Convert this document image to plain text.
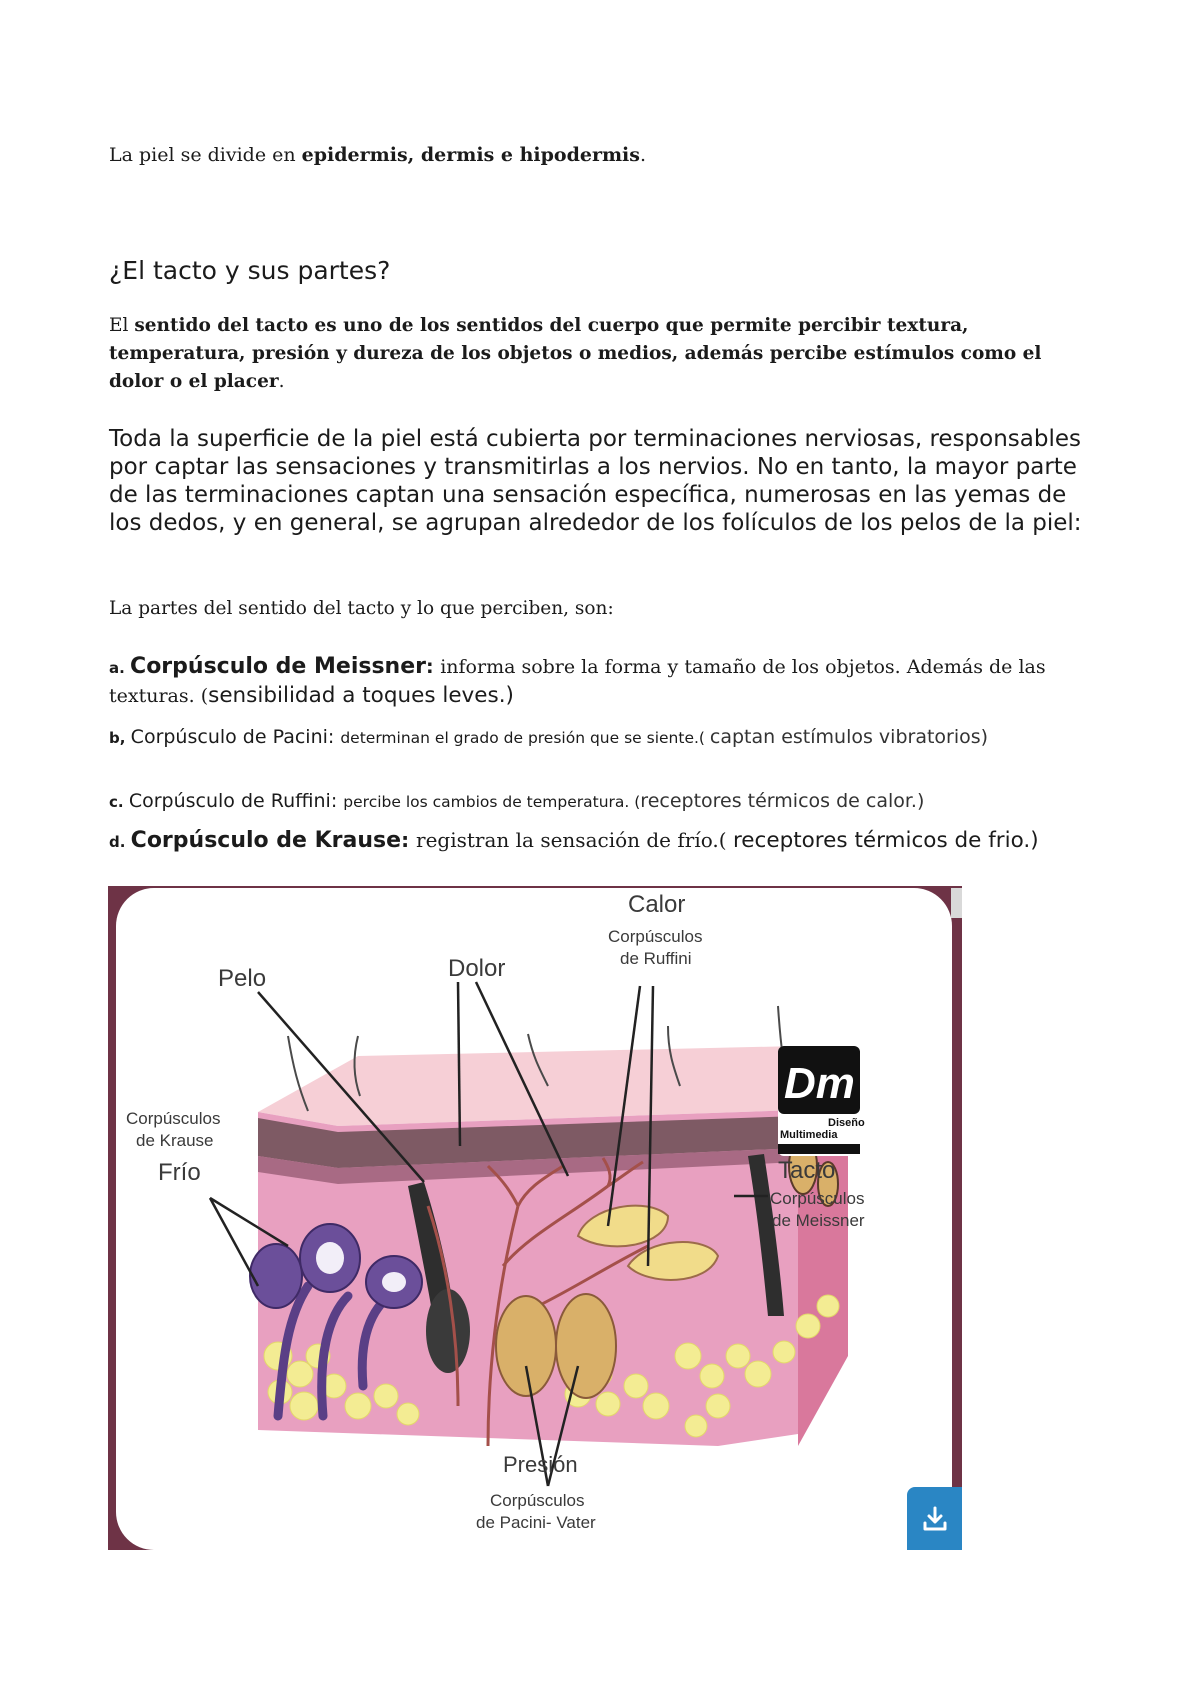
La piel se divide en epidermis, dermis e hipodermis.

¿El tacto y sus partes?

El sentido del tacto es uno de los sentidos del cuerpo que permite percibir textura, temperatura, presión y dureza de los objetos o medios, además percibe estímulos como el dolor o el placer.

Toda la superficie de la piel está cubierta por terminaciones nerviosas, responsables por captar las sensaciones y transmitirlas a los nervios. No en tanto, la mayor parte de las terminaciones captan una sensación específica, numerosas en las yemas de los dedos, y en general, se agrupan alrededor de los folículos de los pelos de la piel:

La partes del sentido del tacto y lo que perciben, son:

a. Corpúsculo de Meissner: informa sobre la forma y tamaño de los objetos. Además de las texturas. (sensibilidad a toques leves.)

b, Corpúsculo de Pacini: determinan el grado de presión que se siente.( captan estímulos vibratorios)

c. Corpúsculo de Ruffini: percibe los cambios de temperatura. (receptores térmicos de calor.)

d. Corpúsculo de Krause: registran la sensación de frío.( receptores térmicos de frio.)

Pelo	Dolor
Calor
Corpúsculos
de Ruffini
Corpúsculos
de Krause
Frío	Tacto
Corpúsculos
de Meissner
Presión
Corpúsculos
de Pacini- Vater
Dm
Diseño
Multimedia
